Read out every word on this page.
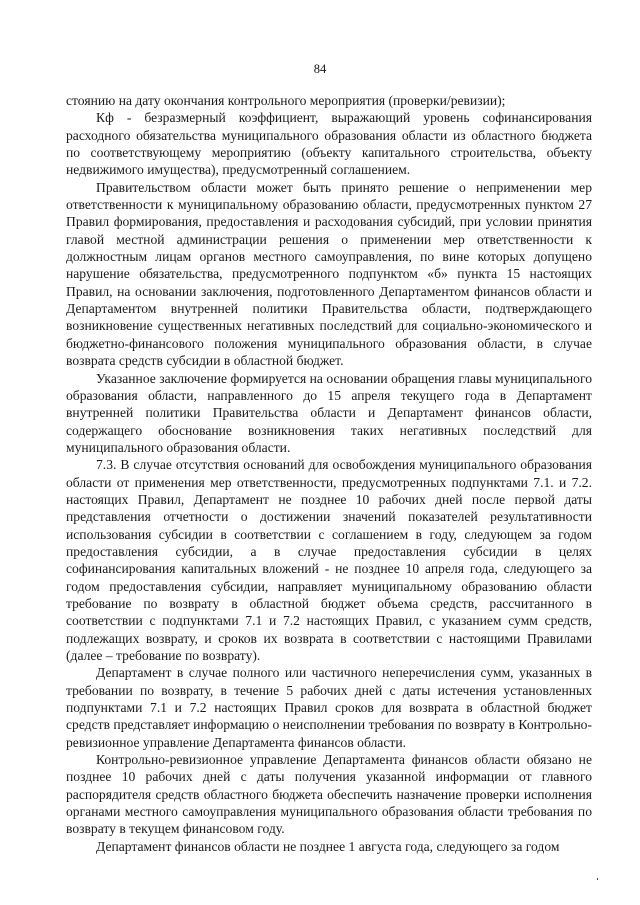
84

стоянию на дату окончания контрольного мероприятия (проверки/ревизии);

Кф - безразмерный коэффициент, выражающий уровень софинансирования расходного обязательства муниципального образования области из областного бюджета по соответствующему мероприятию (объекту капитального строительства, объекту недвижимого имущества), предусмотренный соглашением.

Правительством области может быть принято решение о неприменении мер ответственности к муниципальному образованию области, предусмотренных пунктом 27 Правил формирования, предоставления и расходования субсидий, при условии принятия главой местной администрации решения о применении мер ответственности к должностным лицам органов местного самоуправления, по вине которых допущено нарушение обязательства, предусмотренного подпунктом «б» пункта 15 настоящих Правил, на основании заключения, подготовленного Департаментом финансов области и Департаментом внутренней политики Правительства области, подтверждающего возникновение существенных негативных последствий для социально-экономического и бюджетно-финансового положения муниципального образования области, в случае возврата средств субсидии в областной бюджет.

Указанное заключение формируется на основании обращения главы муниципального образования области, направленного до 15 апреля текущего года в Департамент внутренней политики Правительства области и Департамент финансов области, содержащего обоснование возникновения таких негативных последствий для муниципального образования области.

7.3. В случае отсутствия оснований для освобождения муниципального образования области от применения мер ответственности, предусмотренных подпунктами 7.1. и 7.2. настоящих Правил, Департамент не позднее 10 рабочих дней после первой даты представления отчетности о достижении значений показателей результативности использования субсидии в соответствии с соглашением в году, следующем за годом предоставления субсидии, а в случае предоставления субсидии в целях софинансирования капитальных вложений - не позднее 10 апреля года, следующего за годом предоставления субсидии, направляет муниципальному образованию области требование по возврату в областной бюджет объема средств, рассчитанного в соответствии с подпунктами 7.1 и 7.2 настоящих Правил, с указанием сумм средств, подлежащих возврату, и сроков их возврата в соответствии с настоящими Правилами (далее – требование по возврату).

Департамент в случае полного или частичного неперечисления сумм, указанных в требовании по возврату, в течение 5 рабочих дней с даты истечения установленных подпунктами 7.1 и 7.2 настоящих Правил сроков для возврата в областной бюджет средств представляет информацию о неисполнении требования по возврату в Контрольно-ревизионное управление Департамента финансов области.

Контрольно-ревизионное управление Департамента финансов области обязано не позднее 10 рабочих дней с даты получения указанной информации от главного распорядителя средств областного бюджета обеспечить назначение проверки исполнения органами местного самоуправления муниципального образования области требования по возврату в текущем финансовом году.

Департамент финансов области не позднее 1 августа года, следующего за годом
